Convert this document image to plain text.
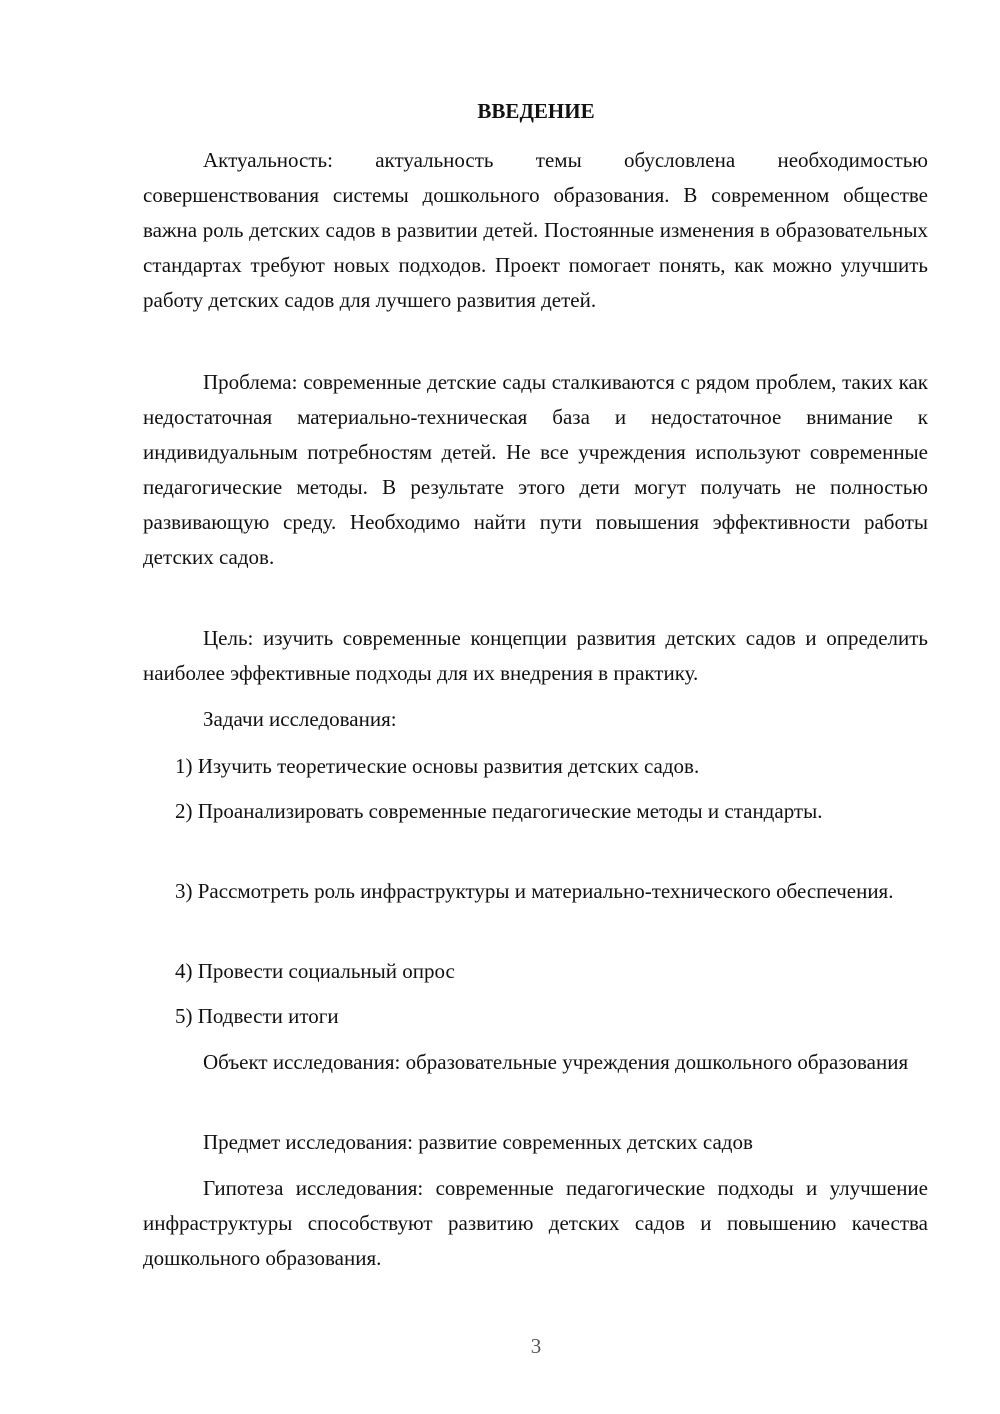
ВВЕДЕНИЕ

Актуальность: актуальность темы обусловлена необходимостью совершенствования системы дошкольного образования. В современном обществе важна роль детских садов в развитии детей. Постоянные изменения в образовательных стандартах требуют новых подходов. Проект помогает понять, как можно улучшить работу детских садов для лучшего развития детей.

Проблема: современные детские сады сталкиваются с рядом проблем, таких как недостаточная материально-техническая база и недостаточное внимание к индивидуальным потребностям детей. Не все учреждения используют современные педагогические методы. В результате этого дети могут получать не полностью развивающую среду. Необходимо найти пути повышения эффективности работы детских садов.

Цель: изучить современные концепции развития детских садов и определить наиболее эффективные подходы для их внедрения в практику.

Задачи исследования:

1) Изучить теоретические основы развития детских садов.

2) Проанализировать современные педагогические методы и стандарты.

3) Рассмотреть роль инфраструктуры и материально-технического обеспечения.

4) Провести социальный опрос

5) Подвести итоги

Объект исследования: образовательные учреждения дошкольного образования

Предмет исследования: развитие современных детских садов

Гипотеза исследования: современные педагогические подходы и улучшение инфраструктуры способствуют развитию детских садов и повышению качества дошкольного образования.

3
